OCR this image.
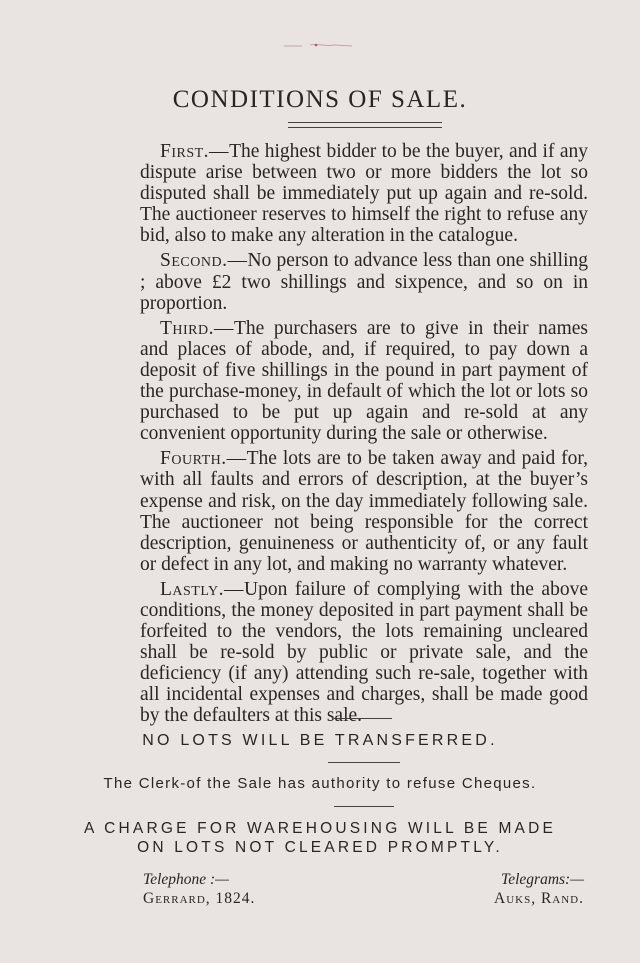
CONDITIONS OF SALE.

First.—The highest bidder to be the buyer, and if any dispute arise between two or more bidders the lot so disputed shall be immediately put up again and re-sold. The auctioneer reserves to himself the right to refuse any bid, also to make any alteration in the catalogue.

Second.—No person to advance less than one shilling ; above £2 two shillings and sixpence, and so on in proportion.

Third.—The purchasers are to give in their names and places of abode, and, if required, to pay down a deposit of five shillings in the pound in part payment of the purchase-money, in default of which the lot or lots so purchased to be put up again and re-sold at any convenient opportunity during the sale or otherwise.

Fourth.—The lots are to be taken away and paid for, with all faults and errors of description, at the buyer’s expense and risk, on the day immediately following sale. The auctioneer not being responsible for the correct description, genuineness or authenticity of, or any fault or defect in any lot, and making no warranty whatever.

Lastly.—Upon failure of complying with the above conditions, the money deposited in part payment shall be forfeited to the vendors, the lots remaining uncleared shall be re-sold by public or private sale, and the deficiency (if any) attending such re-sale, together with all incidental expenses and charges, shall be made good by the defaulters at this sale.

NO LOTS WILL BE TRANSFERRED.

The Clerk-of the Sale has authority to refuse Cheques.

A CHARGE FOR WAREHOUSING WILL BE MADE
ON LOTS NOT CLEARED PROMPTLY.

Telephone :—
Gerrard, 1824.
Telegrams:—
Auks, Rand.
